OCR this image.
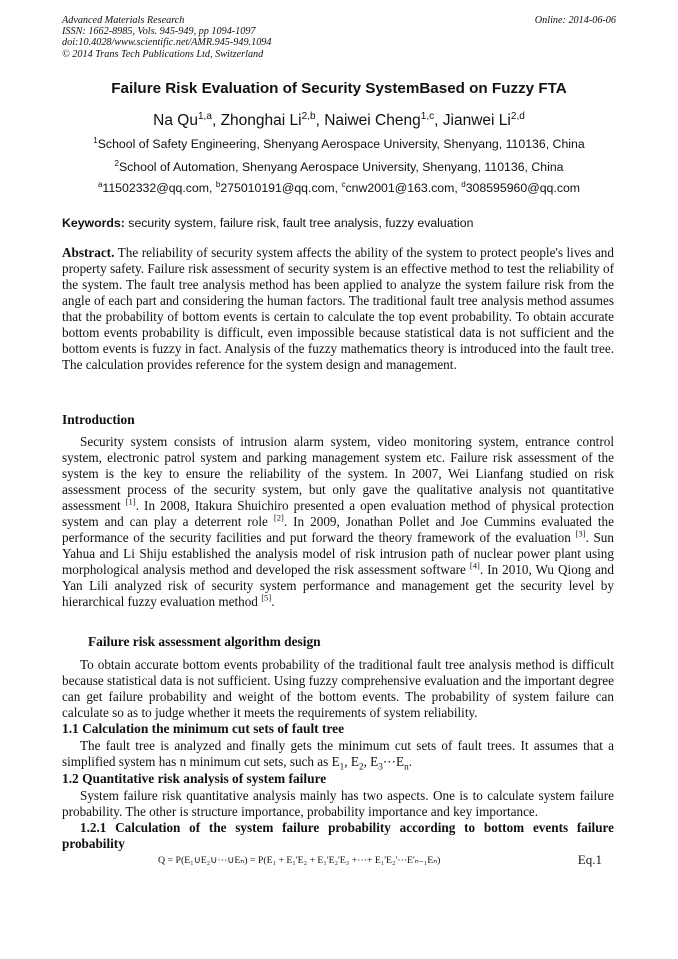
Advanced Materials Research
ISSN: 1662-8985, Vols. 945-949, pp 1094-1097
doi:10.4028/www.scientific.net/AMR.945-949.1094
© 2014 Trans Tech Publications Ltd, Switzerland
Online: 2014-06-06
Failure Risk Evaluation of Security SystemBased on Fuzzy FTA
Na Qu$^{1,a}$, Zhonghai Li$^{2,b}$, Naiwei Cheng$^{1,c}$, Jianwei Li$^{2,d}$
$^1$School of Safety Engineering, Shenyang Aerospace University, Shenyang, 110136, China
$^2$School of Automation, Shenyang Aerospace University, Shenyang, 110136, China
$^a$11502332@qq.com, $^b$275010191@qq.com, $^c$cnw2001@163.com, $^d$308595960@qq.com
Keywords: security system, failure risk, fault tree analysis, fuzzy evaluation
Abstract. The reliability of security system affects the ability of the system to protect people's lives and property safety. Failure risk assessment of security system is an effective method to test the reliability of the system. The fault tree analysis method has been applied to analyze the system failure risk from the angle of each part and considering the human factors. The traditional fault tree analysis method assumes that the probability of bottom events is certain to calculate the top event probability. To obtain accurate bottom events probability is difficult, even impossible because statistical data is not sufficient and the bottom events is fuzzy in fact. Analysis of the fuzzy mathematics theory is introduced into the fault tree. The calculation provides reference for the system design and management.
Introduction
Security system consists of intrusion alarm system, video monitoring system, entrance control system, electronic patrol system and parking management system etc. Failure risk assessment of the system is the key to ensure the reliability of the system. In 2007, Wei Lianfang studied on risk assessment process of the security system, but only gave the qualitative analysis not quantitative assessment [1]. In 2008, Itakura Shuichiro presented a open evaluation method of physical protection system and can play a deterrent role [2]. In 2009, Jonathan Pollet and Joe Cummins evaluated the performance of the security facilities and put forward the theory framework of the evaluation [3]. Sun Yahua and Li Shiju established the analysis model of risk intrusion path of nuclear power plant using morphological analysis method and developed the risk assessment software [4]. In 2010, Wu Qiong and Yan Lili analyzed risk of security system performance and management get the security level by hierarchical fuzzy evaluation method [5].
Failure risk assessment algorithm design
To obtain accurate bottom events probability of the traditional fault tree analysis method is difficult because statistical data is not sufficient. Using fuzzy comprehensive evaluation and the important degree can get failure probability and weight of the bottom events. The probability of system failure can calculate so as to judge whether it meets the requirements of system reliability.
1.1 Calculation the minimum cut sets of fault tree
The fault tree is analyzed and finally gets the minimum cut sets of fault trees. It assumes that a simplified system has n minimum cut sets, such as $E_1$, $E_2$, $E_3\cdots E_n$.
1.2 Quantitative risk analysis of system failure
System failure risk quantitative analysis mainly has two aspects. One is to calculate system failure probability. The other is structure importance, probability importance and key importance.
1.2.1 Calculation of the system failure probability according to bottom events failure probability
Q = P(E₁∪E₂∪⋯∪Eₙ) = P(E₁ + E₁'E₂ + E₁'E₂'E₃ +⋯+ E₁'E₂'⋯E'ₙ₋₁Eₙ)	Eq.1
